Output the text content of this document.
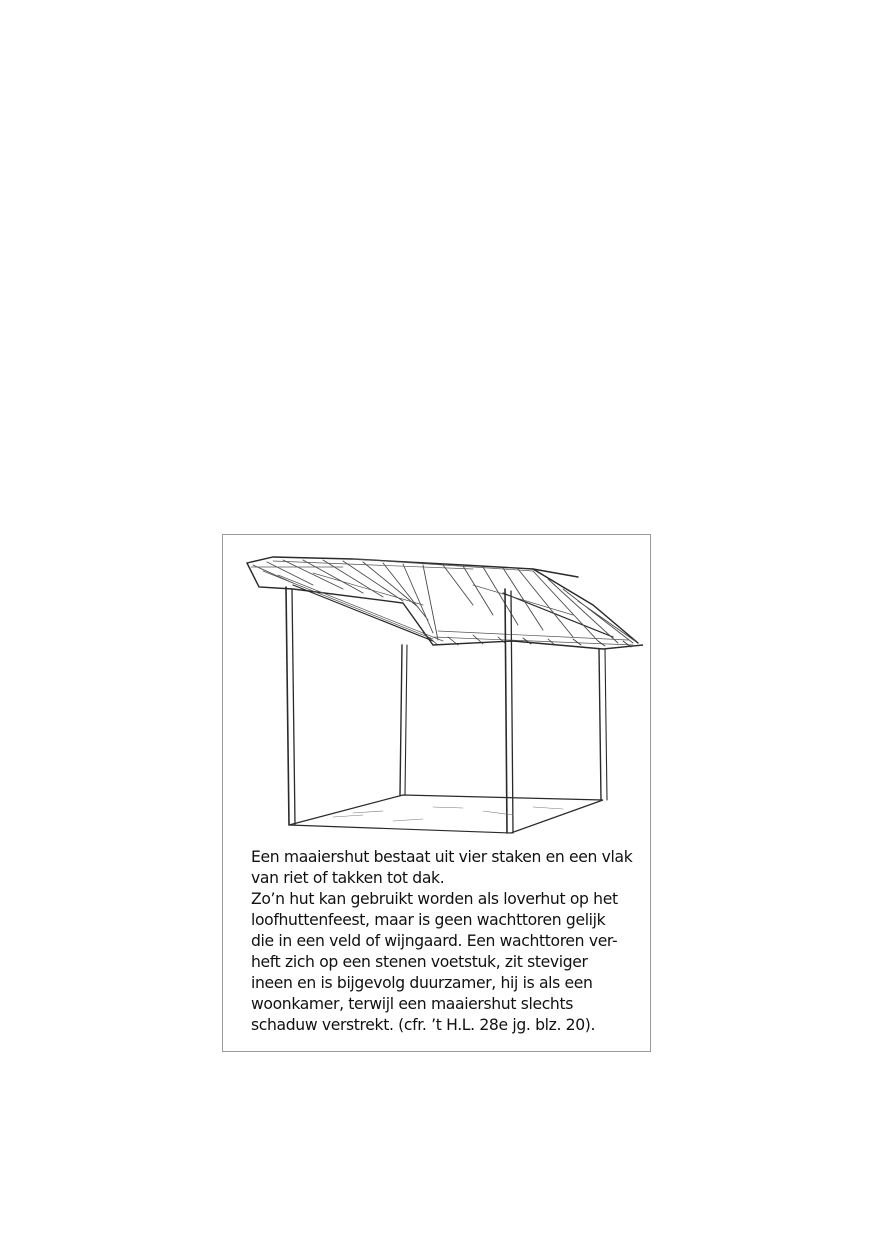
Een maaiershut bestaat uit vier staken en een vlak
van riet of takken tot dak.
Zo’n hut kan gebruikt worden als loverhut op het
loofhuttenfeest, maar is geen wachttoren gelijk
die in een veld of wijngaard. Een wachttoren ver-
heft zich op een stenen voetstuk, zit steviger
ineen en is bijgevolg duurzamer, hij is als een
woonkamer, terwijl een maaiershut slechts
schaduw verstrekt. (cfr. ’t H.L. 28e jg. blz. 20).
